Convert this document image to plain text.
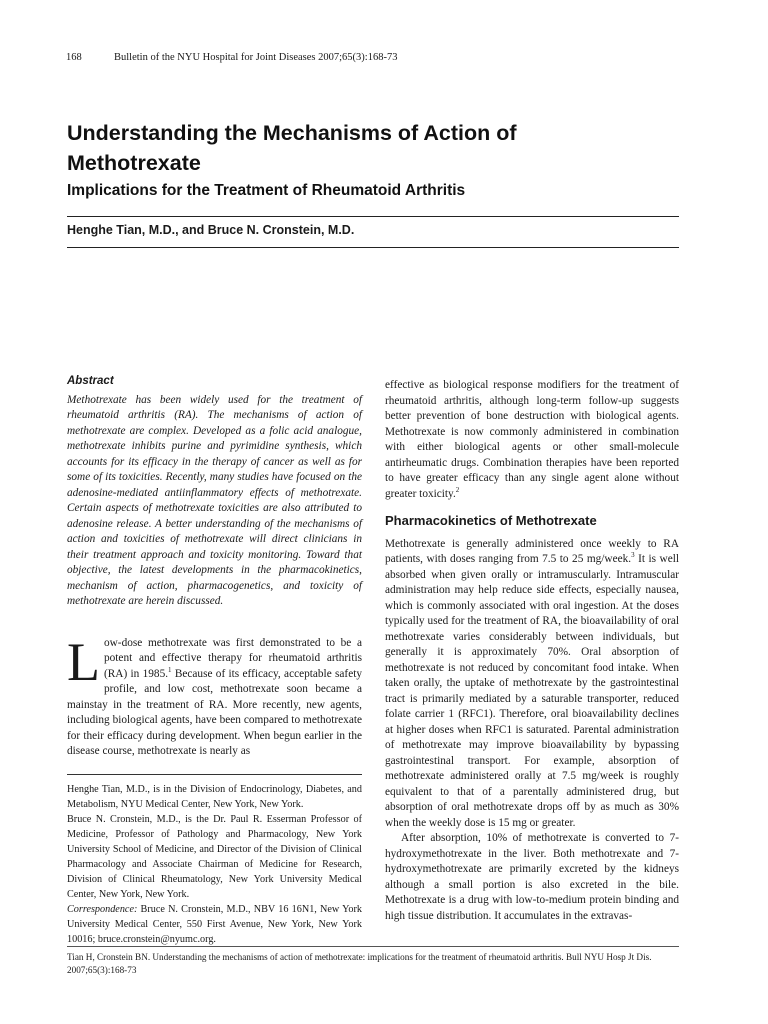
168	Bulletin of the NYU Hospital for Joint Diseases 2007;65(3):168-73
Understanding the Mechanisms of Action of
Methotrexate
Implications for the Treatment of Rheumatoid Arthritis
Henghe Tian, M.D., and Bruce N. Cronstein, M.D.
Abstract

Methotrexate has been widely used for the treatment of rheumatoid arthritis (RA). The mechanisms of action of methotrexate are complex. Developed as a folic acid analogue, methotrexate inhibits purine and pyrimidine synthesis, which accounts for its efficacy in the therapy of cancer as well as for some of its toxicities. Recently, many studies have focused on the adenosine-mediated antiinflammatory effects of methotrexate. Certain aspects of methotrexate toxicities are also attributed to adenosine release. A better understanding of the mechanisms of action and toxicities of methotrexate will direct clinicians in their treatment approach and toxicity monitoring. Toward that objective, the latest developments in the pharmacokinetics, mechanism of action, pharmacogenetics, and toxicity of methotrexate are herein discussed.

Low-dose methotrexate was first demonstrated to be a potent and effective therapy for rheumatoid arthritis (RA) in 1985.$^1$ Because of its efficacy, acceptable safety profile, and low cost, methotrexate soon became a mainstay in the treatment of RA. More recently, new agents, including biological agents, have been compared to methotrexate for their efficacy during development. When begun earlier in the disease course, methotrexate is nearly as

Henghe Tian, M.D., is in the Division of Endocrinology, Diabetes, and Metabolism, NYU Medical Center, New York, New York.

Bruce N. Cronstein, M.D., is the Dr. Paul R. Esserman Professor of Medicine, Professor of Pathology and Pharmacology, New York University School of Medicine, and Director of the Division of Clinical Pharmacology and Associate Chairman of Medicine for Research, Division of Clinical Rheumatology, New York University Medical Center, New York, New York.

Correspondence: Bruce N. Cronstein, M.D., NBV 16 16N1, New York University Medical Center, 550 First Avenue, New York, New York 10016; bruce.cronstein@nyumc.org.

effective as biological response modifiers for the treatment of rheumatoid arthritis, although long-term follow-up suggests better prevention of bone destruction with biological agents. Methotrexate is now commonly administered in combination with either biological agents or other small-molecule antirheumatic drugs. Combination therapies have been reported to have greater efficacy than any single agent alone without greater toxicity.$^2$

Pharmacokinetics of Methotrexate

Methotrexate is generally administered once weekly to RA patients, with doses ranging from 7.5 to 25 mg/week.$^3$ It is well absorbed when given orally or intramuscularly. Intramuscular administration may help reduce side effects, especially nausea, which is commonly associated with oral ingestion. At the doses typically used for the treatment of RA, the bioavailability of oral methotrexate varies considerably between individuals, but generally it is approximately 70%. Oral absorption of methotrexate is not reduced by concomitant food intake. When taken orally, the uptake of methotrexate by the gastrointestinal tract is primarily mediated by a saturable transporter, reduced folate carrier 1 (RFC1). Therefore, oral bioavailability declines at higher doses when RFC1 is saturated. Parental administration of methotrexate may improve bioavailability by bypassing gastrointestinal transport. For example, absorption of methotrexate administered orally at 7.5 mg/week is roughly equivalent to that of a parentally administered drug, but absorption of oral methotrexate drops off by as much as 30% when the weekly dose is 15 mg or greater.

After absorption, 10% of methotrexate is converted to 7-hydroxymethotrexate in the liver. Both methotrexate and 7-hydroxymethotrexate are primarily excreted by the kidneys although a small portion is also excreted in the bile. Methotrexate is a drug with low-to-medium protein binding and high tissue distribution. It accumulates in the extravas-

Tian H, Cronstein BN. Understanding the mechanisms of action of methotrexate: implications for the treatment of rheumatoid arthritis. Bull NYU Hosp Jt Dis. 2007;65(3):168-73
